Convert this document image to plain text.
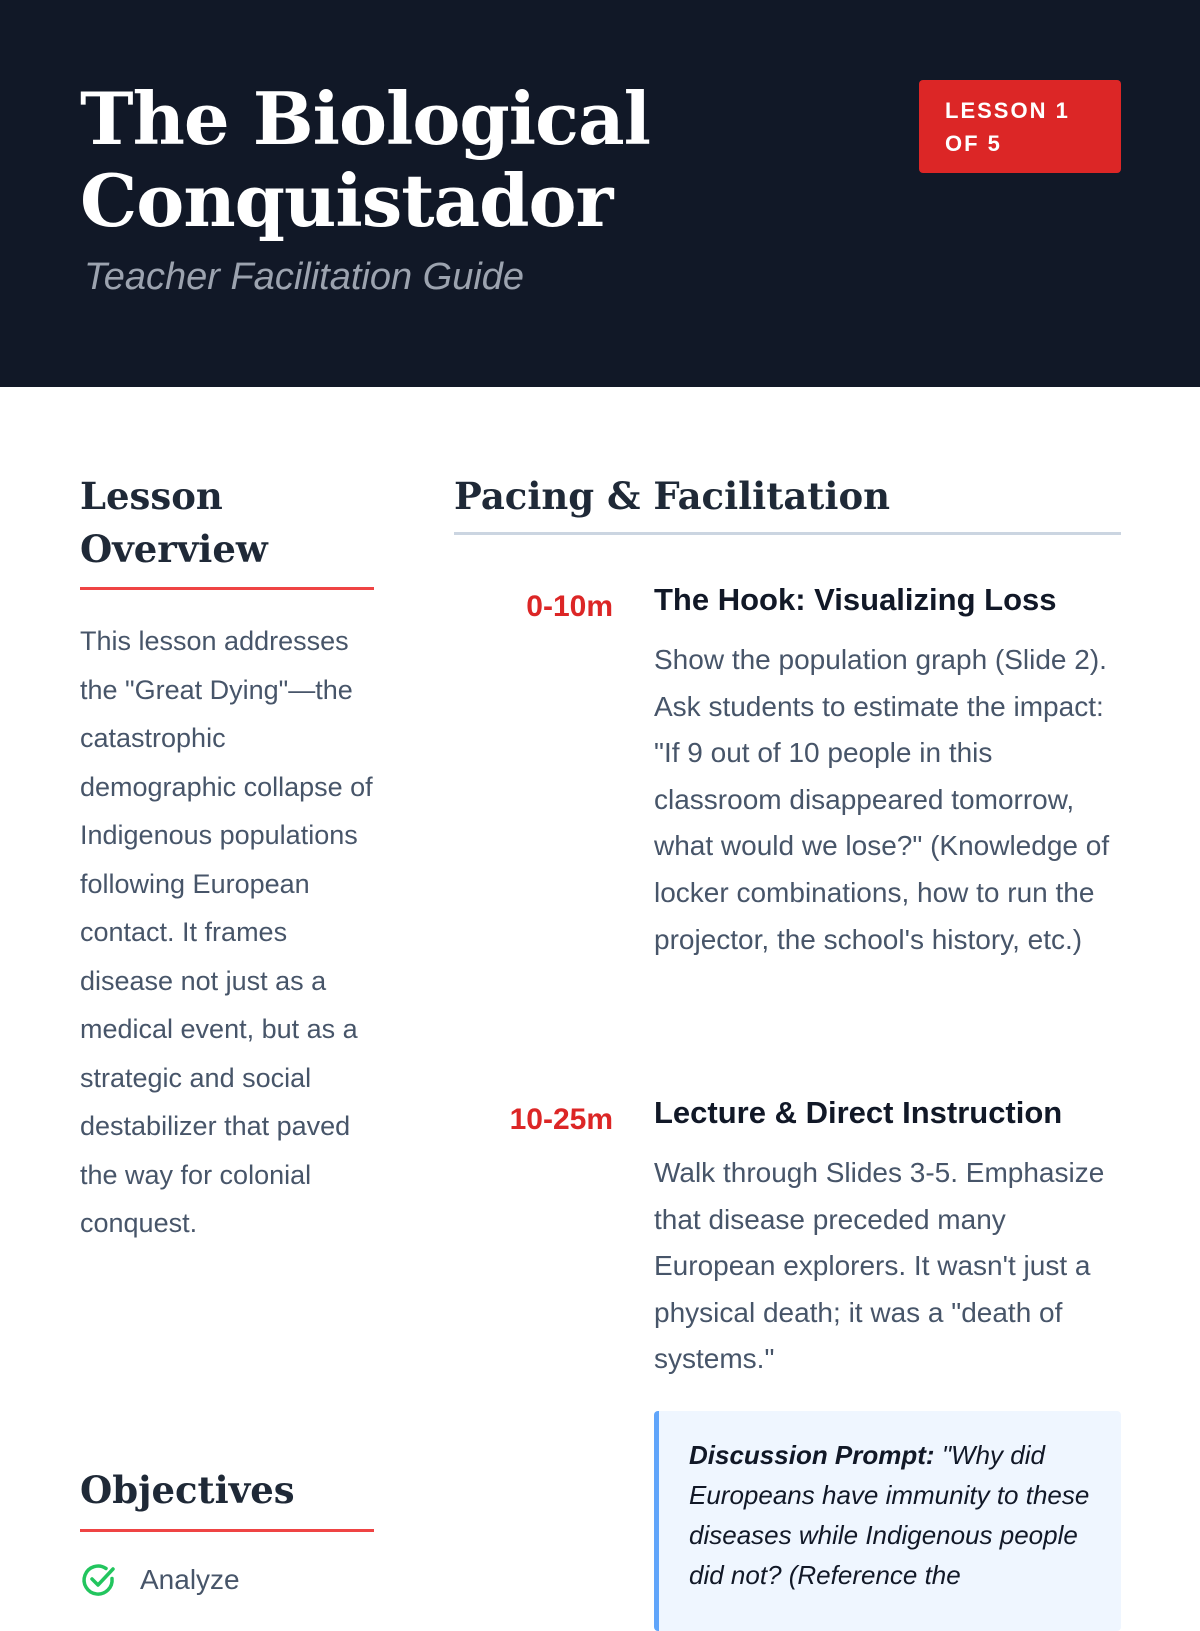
The Biological
Conquistador
Teacher Facilitation Guide
LESSON 1
OF 5
Lesson
Overview

This lesson addresses the "Great Dying"—the catastrophic demographic collapse of Indigenous populations following European contact. It frames disease not just as a medical event, but as a strategic and social destabilizer that paved the way for colonial conquest.

Objectives
Analyze
Pacing & Facilitation
0-10m The Hook: Visualizing Loss

Show the population graph (Slide 2). Ask students to estimate the impact: "If 9 out of 10 people in this classroom disappeared tomorrow, what would we lose?" (Knowledge of locker combinations, how to run the projector, the school's history, etc.)

10-25m Lecture & Direct Instruction

Walk through Slides 3-5. Emphasize that disease preceded many European explorers. It wasn't just a physical death; it was a "death of systems."

Discussion Prompt: "Why did Europeans have immunity to these diseases while Indigenous people did not? (Reference the
